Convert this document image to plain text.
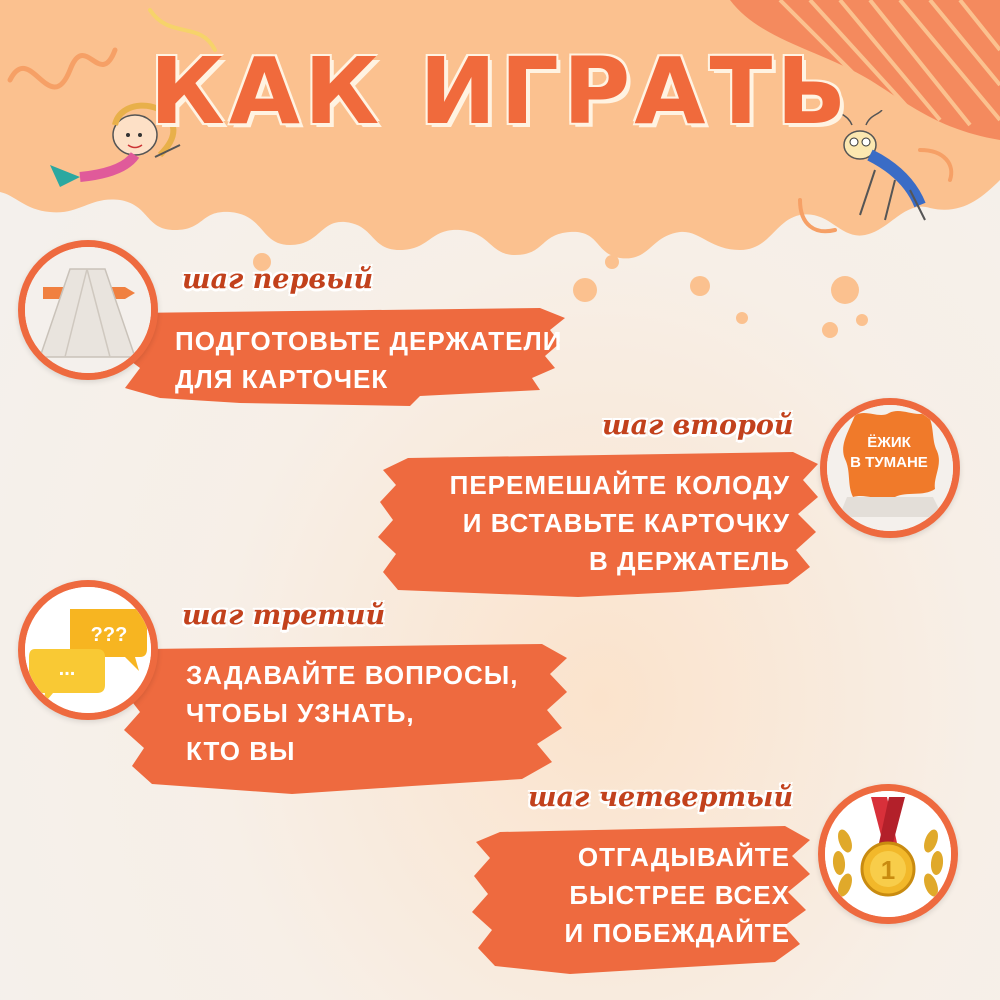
КАК ИГРАТЬ
ПОДГОТОВЬТЕ ДЕРЖАТЕЛИ
ДЛЯ КАРТОЧЕК
шаг первый
ПЕРЕМЕШАЙТЕ КОЛОДУ
И ВСТАВЬТЕ КАРТОЧКУ
В ДЕРЖАТЕЛЬ
шаг второй
ЁЖИК
В ТУМАНЕ
ЗАДАВАЙТЕ ВОПРОСЫ,
ЧТОБЫ УЗНАТЬ,
КТО ВЫ
шаг третий
???
...
ОТГАДЫВАЙТЕ
БЫСТРЕЕ ВСЕХ
И ПОБЕЖДАЙТЕ
шаг четвертый
1
